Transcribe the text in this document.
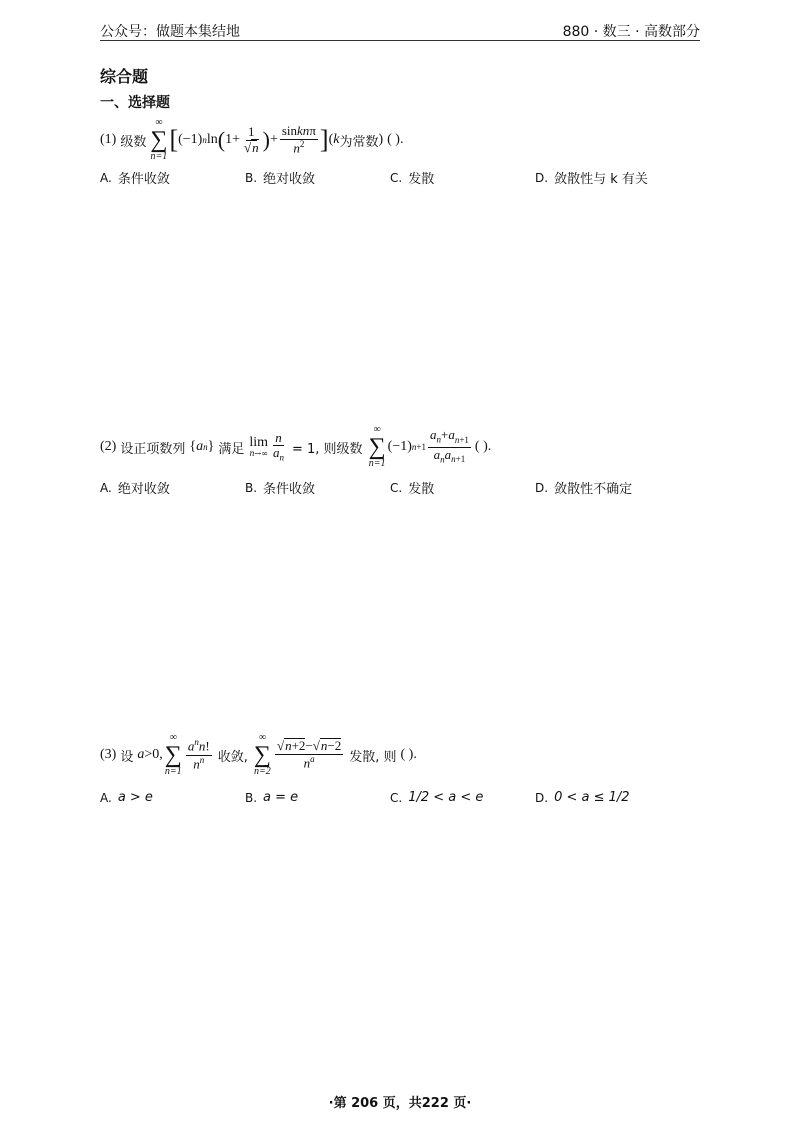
公众号：做题本集结地	880 · 数三 · 高数部分
综合题
一、选择题
(1) 级数
∞
∑
n=1
[ (−1) n ln ( $1+ \frac{1}{√n}$ ) + $\frac{\text{sinknπ}}{n^2}$ ] ( k 为常数 ) ( ).
A. 条件收敛	B. 绝对收敛	C. 发散	D. 敛散性与 k 有关
(2) 设正项数列 { a n } 满足 lim
$n\to\infty \frac{n}{a_n} = 1$, 则级数
∞
∑
n=1
(−1) $n+1 \frac{a_n+a_{n+1}}{a_na_{n+1}}$ ( ).
A. 绝对收敛	B. 条件收敛	C. 发散	D. 敛散性不确定
(3) 设 a >0,
∞
∑
$n=1 \frac{a^nn!}{n^n}$ 收敛,
∞
∑
n=2
$\frac{√n+2-√n-2}{n^a}$ 发散, 则 ( ).
A. a > e	B. a = e	C. 1/2 < a < e	D. 0 < a ≤ 1/2
·第 206 页，共222 页·
